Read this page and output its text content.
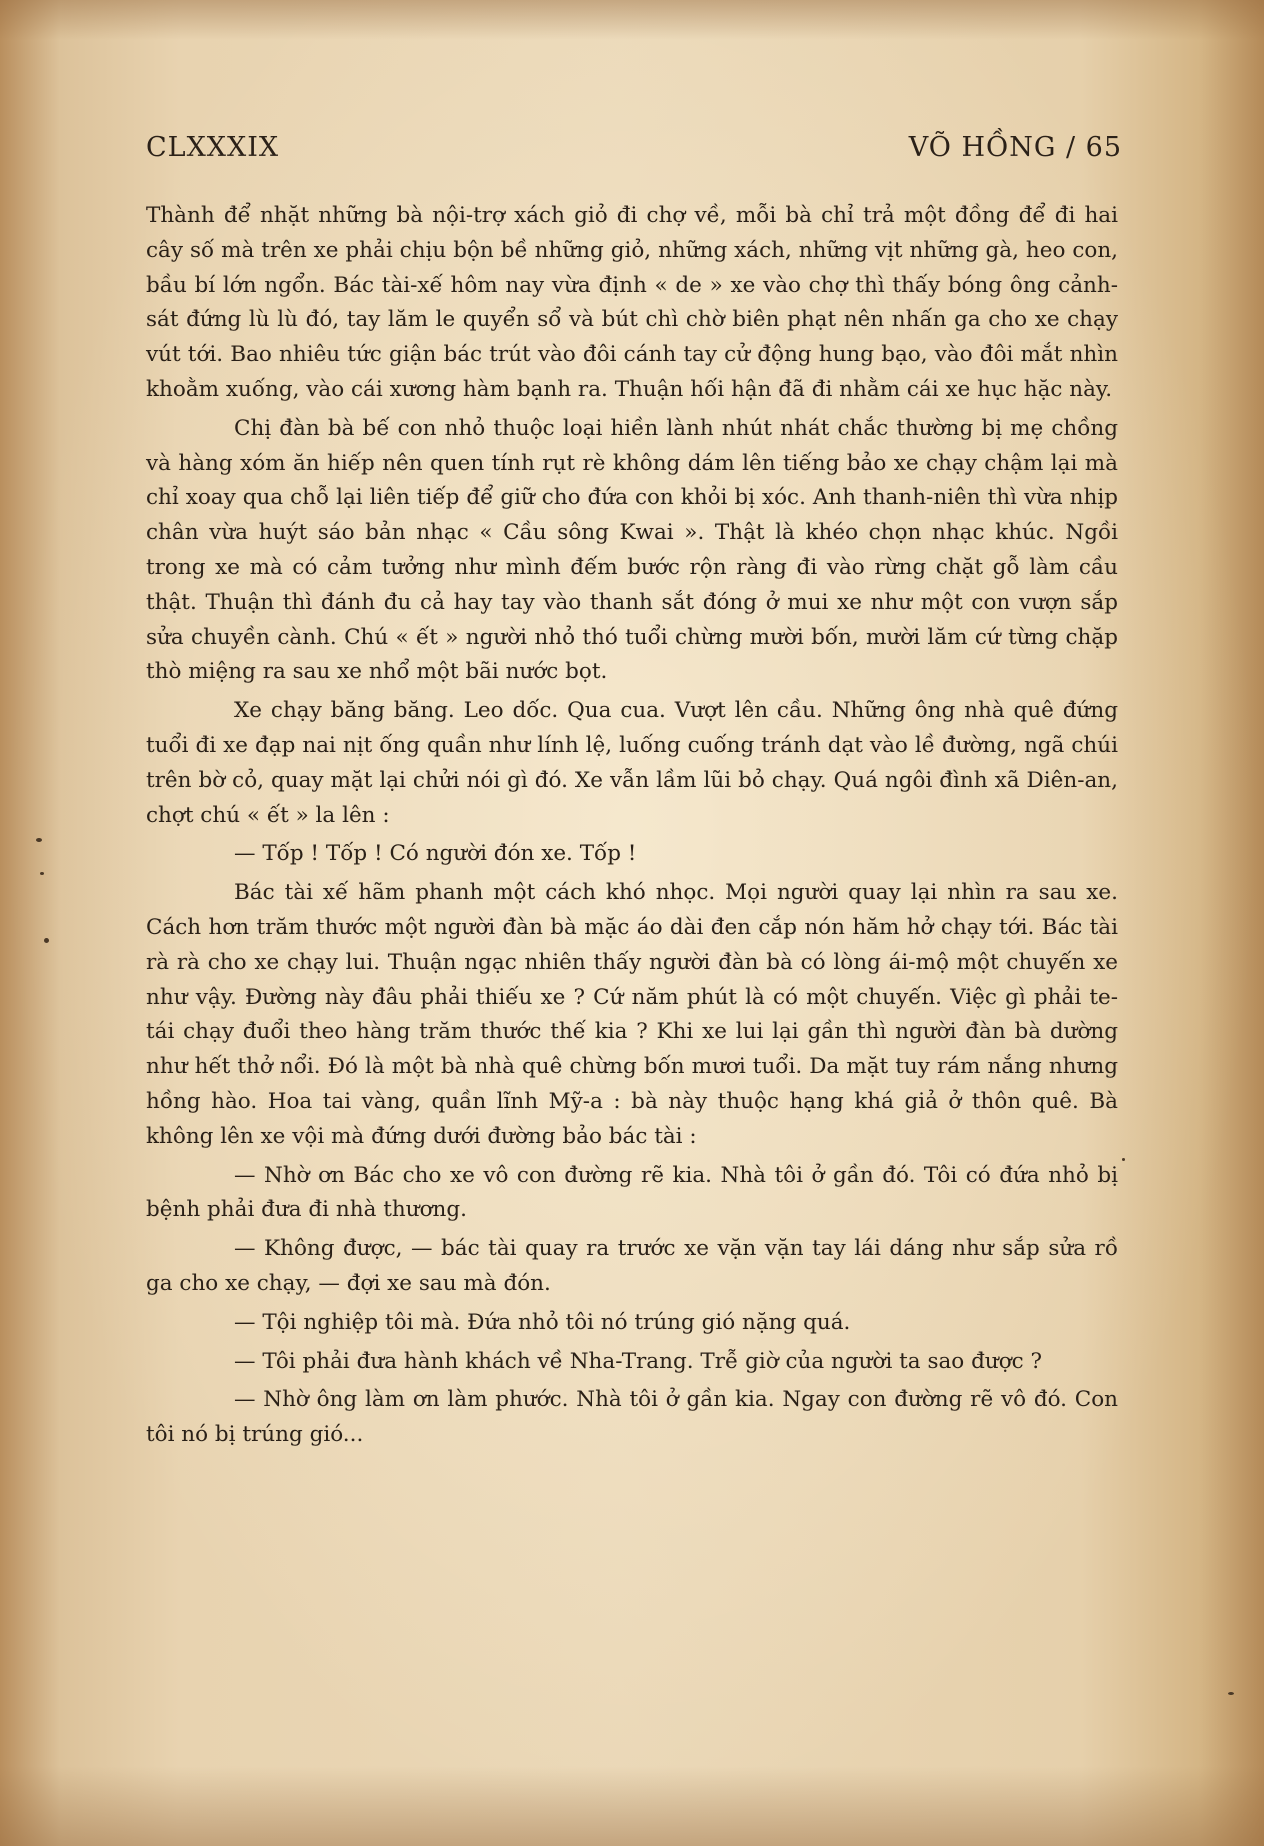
CLXXXIX	VÕ HỒNG / 65

Thành để nhặt những bà nội-trợ xách giỏ đi chợ về, mỗi bà chỉ trả một đồng để đi hai cây số mà trên xe phải chịu bộn bề những giỏ, những xách, những vịt những gà, heo con, bầu bí lớn ngổn. Bác tài-xế hôm nay vừa định « de » xe vào chợ thì thấy bóng ông cảnh-sát đứng lù lù đó, tay lăm le quyển sổ và bút chì chờ biên phạt nên nhấn ga cho xe chạy vút tới. Bao nhiêu tức giận bác trút vào đôi cánh tay cử động hung bạo, vào đôi mắt nhìn khoằm xuống, vào cái xương hàm bạnh ra. Thuận hối hận đã đi nhằm cái xe hục hặc này.

Chị đàn bà bế con nhỏ thuộc loại hiền lành nhút nhát chắc thường bị mẹ chồng và hàng xóm ăn hiếp nên quen tính rụt rè không dám lên tiếng bảo xe chạy chậm lại mà chỉ xoay qua chỗ lại liên tiếp để giữ cho đứa con khỏi bị xóc. Anh thanh-niên thì vừa nhịp chân vừa huýt sáo bản nhạc « Cầu sông Kwai ». Thật là khéo chọn nhạc khúc. Ngồi trong xe mà có cảm tưởng như mình đếm bước rộn ràng đi vào rừng chặt gỗ làm cầu thật. Thuận thì đánh đu cả hay tay vào thanh sắt đóng ở mui xe như một con vượn sắp sửa chuyền cành. Chú « ết » người nhỏ thó tuổi chừng mười bốn, mười lăm cứ từng chặp thò miệng ra sau xe nhổ một bãi nước bọt.

Xe chạy băng băng. Leo dốc. Qua cua. Vượt lên cầu. Những ông nhà quê đứng tuổi đi xe đạp nai nịt ống quần như lính lệ, luống cuống tránh dạt vào lề đường, ngã chúi trên bờ cỏ, quay mặt lại chửi nói gì đó. Xe vẫn lầm lũi bỏ chạy. Quá ngôi đình xã Diên-an, chợt chú « ết » la lên :

— Tốp ! Tốp ! Có người đón xe. Tốp !

Bác tài xế hãm phanh một cách khó nhọc. Mọi người quay lại nhìn ra sau xe. Cách hơn trăm thước một người đàn bà mặc áo dài đen cắp nón hăm hở chạy tới. Bác tài rà rà cho xe chạy lui. Thuận ngạc nhiên thấy người đàn bà có lòng ái-mộ một chuyến xe như vậy. Đường này đâu phải thiếu xe ? Cứ năm phút là có một chuyến. Việc gì phải te-tái chạy đuổi theo hàng trăm thước thế kia ? Khi xe lui lại gần thì người đàn bà dường như hết thở nổi. Đó là một bà nhà quê chừng bốn mươi tuổi. Da mặt tuy rám nắng nhưng hồng hào. Hoa tai vàng, quần lĩnh Mỹ-a : bà này thuộc hạng khá giả ở thôn quê. Bà không lên xe vội mà đứng dưới đường bảo bác tài :

— Nhờ ơn Bác cho xe vô con đường rẽ kia. Nhà tôi ở gần đó. Tôi có đứa nhỏ bị bệnh phải đưa đi nhà thương.

— Không được, — bác tài quay ra trước xe vặn vặn tay lái dáng như sắp sửa rồ ga cho xe chạy, — đợi xe sau mà đón.

— Tội nghiệp tôi mà. Đứa nhỏ tôi nó trúng gió nặng quá.

— Tôi phải đưa hành khách về Nha-Trang. Trễ giờ của người ta sao được ?

— Nhờ ông làm ơn làm phước. Nhà tôi ở gần kia. Ngay con đường rẽ vô đó. Con tôi nó bị trúng gió...
